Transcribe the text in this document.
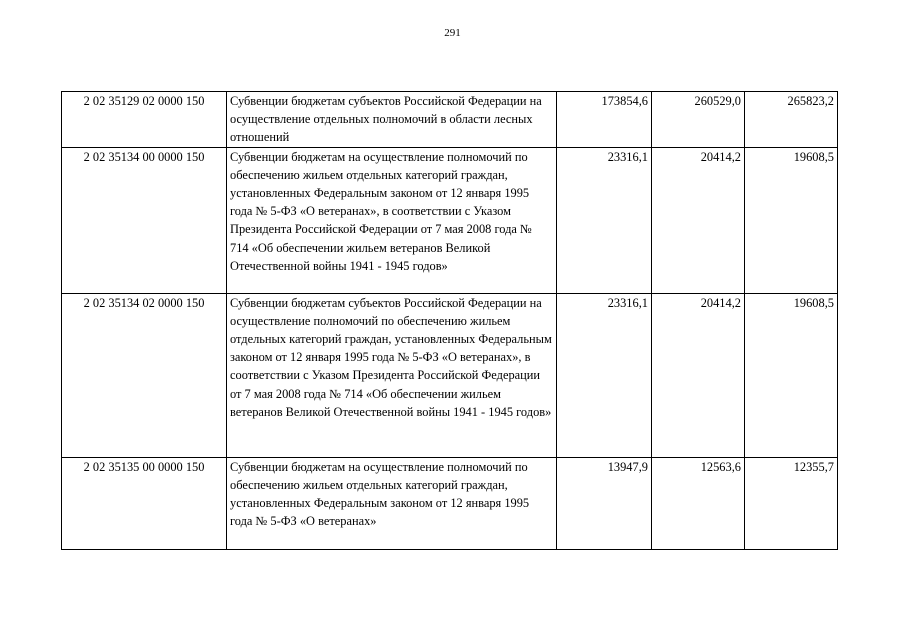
291
2 02 35129 02 0000 150	Субвенции бюджетам субъектов Российской Федерации на осуществление отдельных полномочий в области лесных отношений	173854,6	260529,0	265823,2
2 02 35134 00 0000 150	Субвенции бюджетам на осуществление полномочий по обеспечению жильем отдельных категорий граждан, установленных Федеральным законом от 12 января 1995 года № 5-ФЗ «О ветеранах», в соответствии с Указом Президента Российской Федерации от 7 мая 2008 года № 714 «Об обеспечении жильем ветеранов Великой Отечественной войны 1941 - 1945 годов»	23316,1	20414,2	19608,5
2 02 35134 02 0000 150	Субвенции бюджетам субъектов Российской Федерации на осуществление полномочий по обеспечению жильем отдельных категорий граждан, установленных Федеральным законом от 12 января 1995 года № 5-ФЗ «О ветеранах», в соответствии с Указом Президента Российской Федерации от 7 мая 2008 года № 714 «Об обеспечении жильем ветеранов Великой Отечественной войны 1941 - 1945 годов»	23316,1	20414,2	19608,5
2 02 35135 00 0000 150	Субвенции бюджетам на осуществление полномочий по обеспечению жильем отдельных категорий граждан, установленных Федеральным законом от 12 января 1995 года № 5-ФЗ «О ветеранах»	13947,9	12563,6	12355,7
